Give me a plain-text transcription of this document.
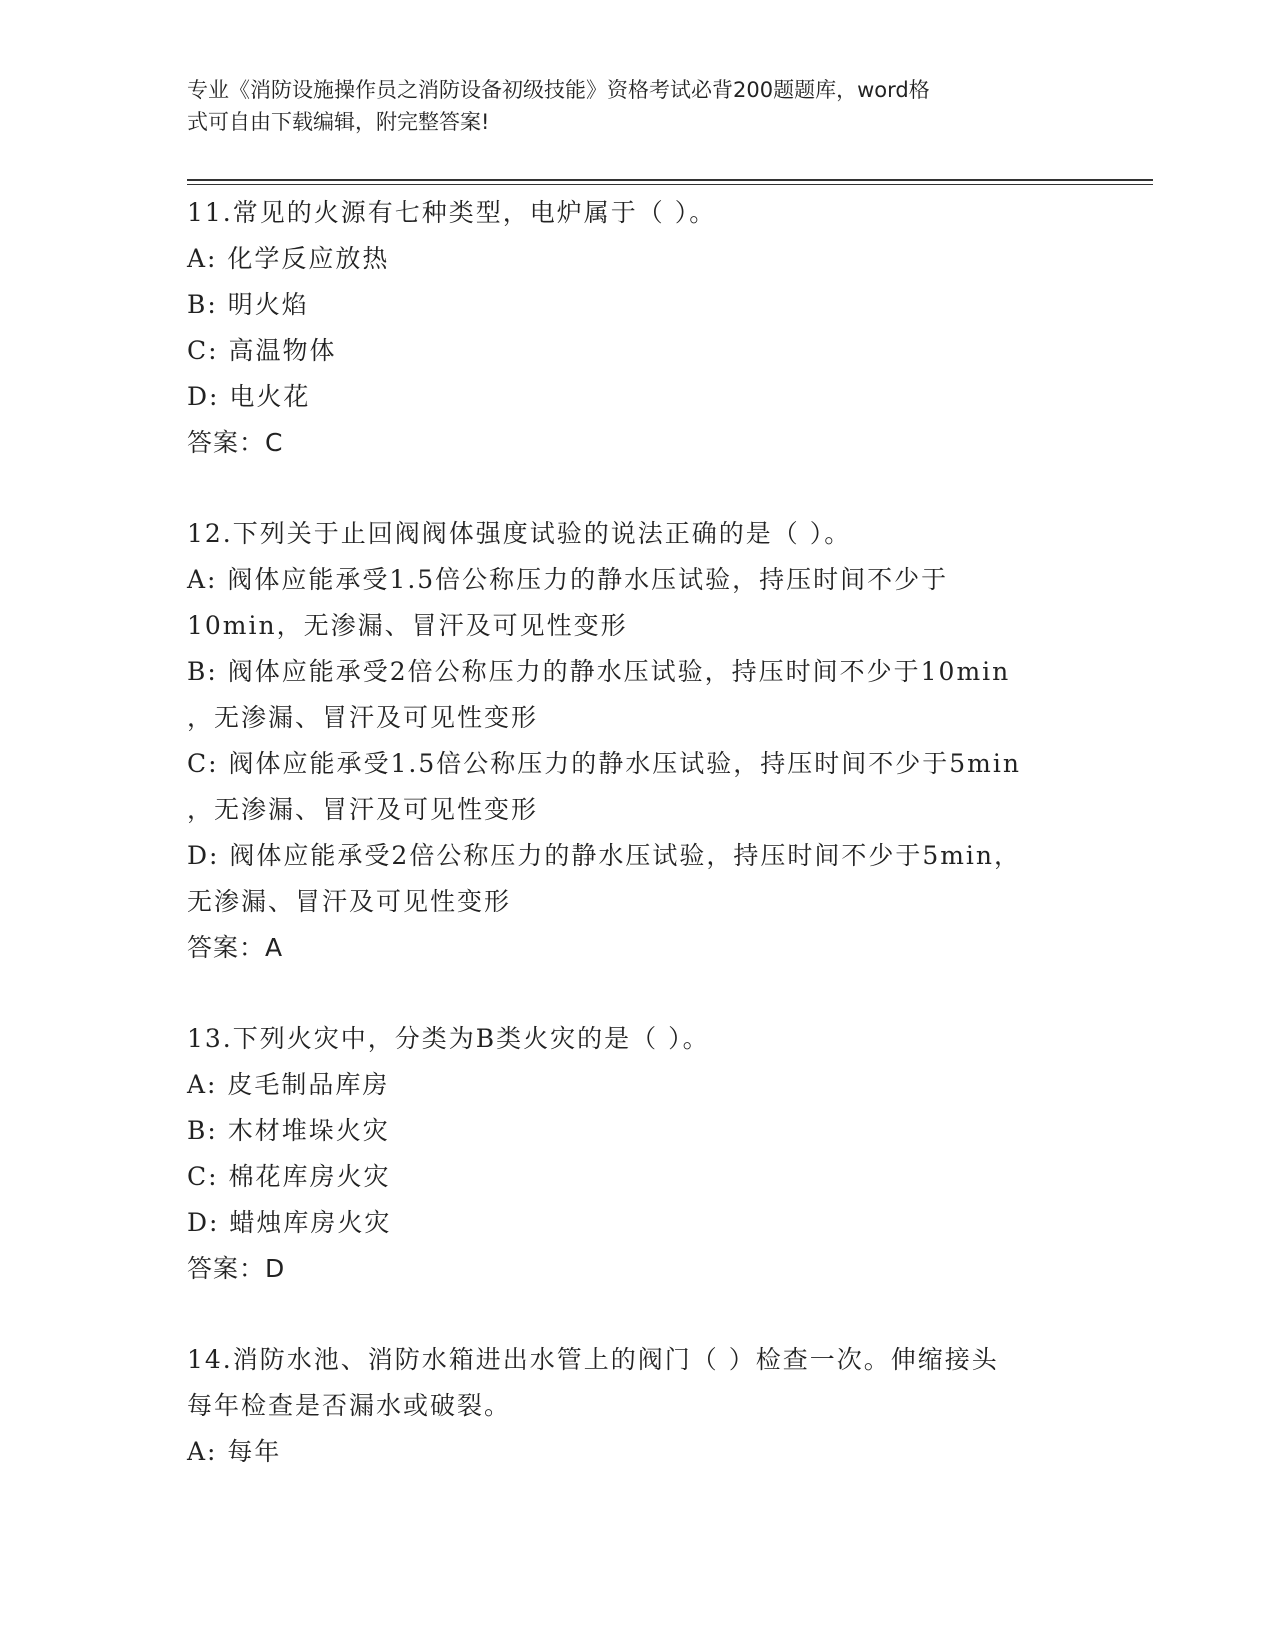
专业《消防设施操作员之消防设备初级技能》资格考试必背200题题库，word格
式可自由下载编辑，附完整答案!
11.常见的火源有七种类型，电炉属于（ ）。
A: 化学反应放热
B: 明火焰
C: 高温物体
D: 电火花
答案：C
12.下列关于止回阀阀体强度试验的说法正确的是（ ）。
A: 阀体应能承受1.5倍公称压力的静水压试验，持压时间不少于
10min，无渗漏、冒汗及可见性变形
B: 阀体应能承受2倍公称压力的静水压试验，持压时间不少于10min
，无渗漏、冒汗及可见性变形
C: 阀体应能承受1.5倍公称压力的静水压试验，持压时间不少于5min
，无渗漏、冒汗及可见性变形
D: 阀体应能承受2倍公称压力的静水压试验，持压时间不少于5min，
无渗漏、冒汗及可见性变形
答案：A
13.下列火灾中，分类为B类火灾的是（ ）。
A: 皮毛制品库房
B: 木材堆垛火灾
C: 棉花库房火灾
D: 蜡烛库房火灾
答案：D
14.消防水池、消防水箱进出水管上的阀门（ ）检查一次。伸缩接头
每年检查是否漏水或破裂。
A: 每年
